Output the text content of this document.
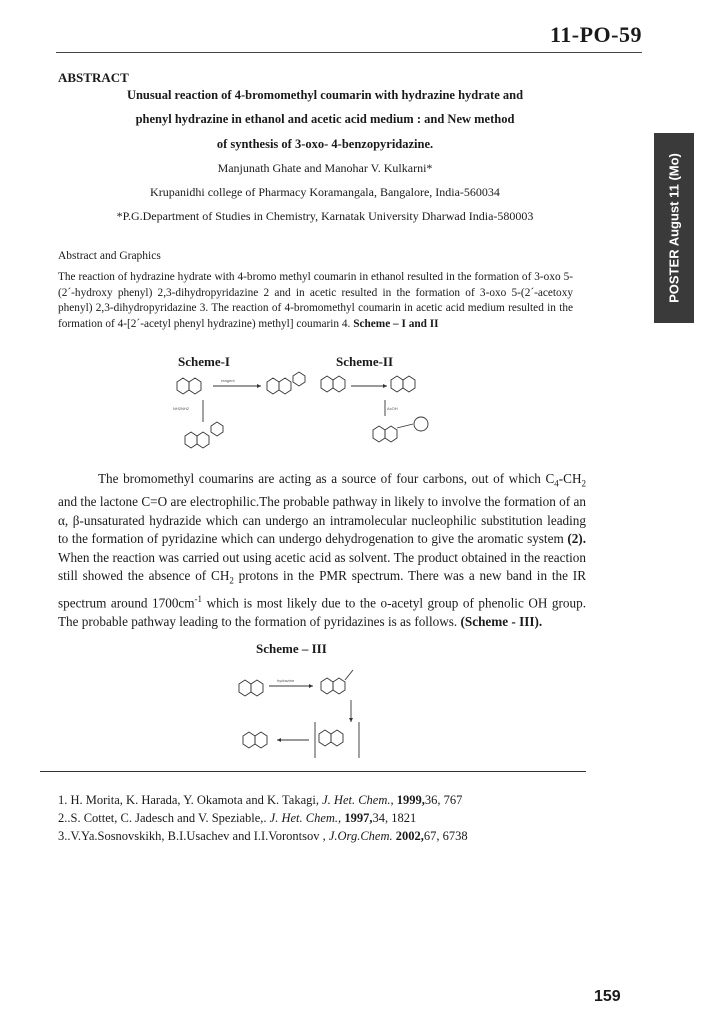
11-PO-59
POSTER August 11 (Mo)
ABSTRACT
Unusual reaction of 4-bromomethyl coumarin with hydrazine hydrate and
phenyl hydrazine in ethanol and acetic acid medium : and New method
of synthesis of 3-oxo- 4-benzopyridazine.
Manjunath Ghate and Manohar V. Kulkarni*
Krupanidhi college of Pharmacy Koramangala, Bangalore, India-560034
*P.G.Department of Studies in Chemistry, Karnatak University Dharwad India-580003
Abstract and Graphics
The reaction of hydrazine hydrate with 4-bromo methyl coumarin in ethanol resulted in the formation of 3-oxo 5-(2´-hydroxy phenyl) 2,3-dihydropyridazine 2 and in acetic resulted in the formation of 3-oxo 5-(2´-acetoxy phenyl) 2,3-dihydropyridazine 3. The reaction of 4-bromomethyl coumarin in acetic acid medium resulted in the formation of 4-[2´-acetyl phenyl hydrazine) methyl] coumarin 4. Scheme – I and II
Scheme-I	Scheme-II
reagent
NH2NH2	AcOH
The bromomethyl coumarins are acting as a source of four carbons, out of which $C_4-CH_2$ and the lactone C=O are electrophilic.The probable pathway in likely to involve the formation of an α, β-unsaturated hydrazide which can undergo an intramolecular nucleophilic substitution leading to the formation of pyridazine which can undergo dehydrogenation to give the aromatic system (2). When the reaction was carried out using acetic acid as solvent. The product obtained in the reaction still showed the absence of $CH_2$ protons in the PMR spectrum. There was a new band in the IR spectrum around $1700cm^{-1}$ which is most likely due to the o-acetyl group of phenolic OH group. The probable pathway leading to the formation of pyridazines is as follows. (Scheme - III).
Scheme – III
hydrazine
1. H. Morita, K. Harada, Y. Okamota and K. Takagi, J. Het. Chem., 1999,36, 767
2..S. Cottet, C. Jadesch and V. Speziable,. J. Het. Chem., 1997,34, 1821
3..V.Ya.Sosnovskikh, B.I.Usachev and I.I.Vorontsov , J.Org.Chem. 2002,67, 6738
159
